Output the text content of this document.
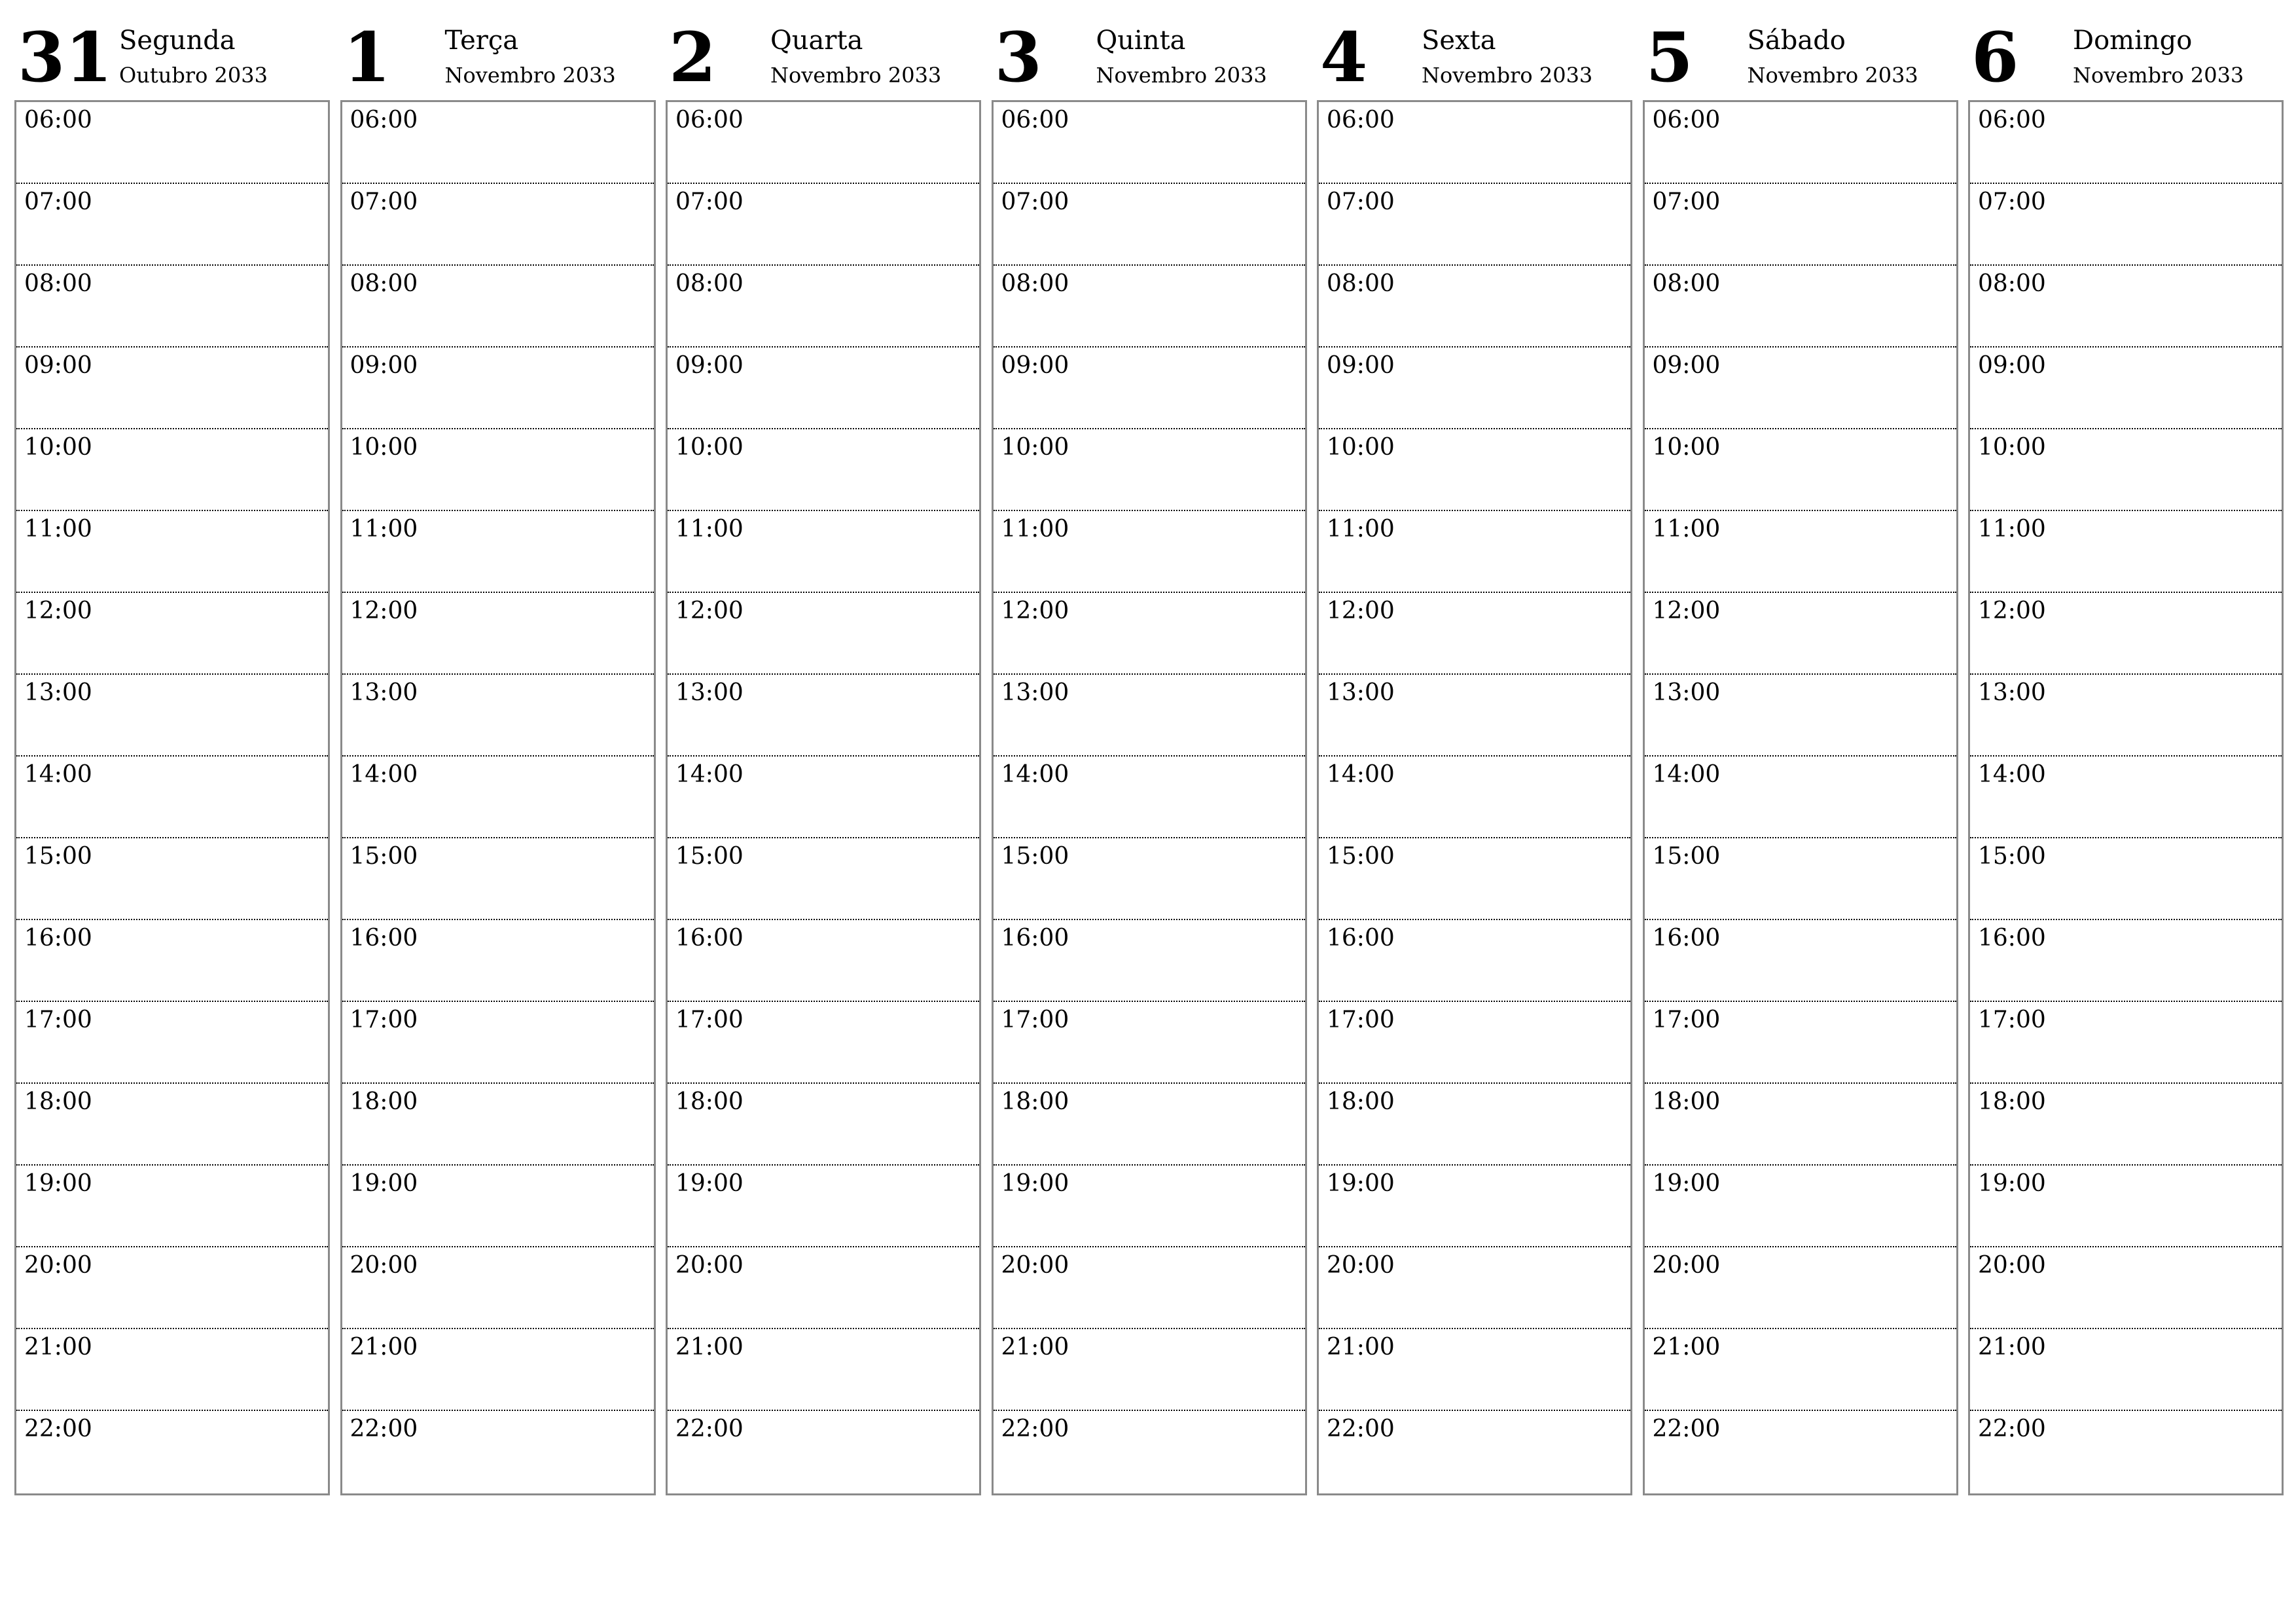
31 Segunda
Outubro 2033
06:00
07:00
08:00
09:00
10:00
11:00
12:00
13:00
14:00
15:00
16:00
17:00
18:00
19:00
20:00
21:00
22:00
1 Terça
Novembro 2033
06:00
07:00
08:00
09:00
10:00
11:00
12:00
13:00
14:00
15:00
16:00
17:00
18:00
19:00
20:00
21:00
22:00
2 Quarta
Novembro 2033
06:00
07:00
08:00
09:00
10:00
11:00
12:00
13:00
14:00
15:00
16:00
17:00
18:00
19:00
20:00
21:00
22:00
3 Quinta
Novembro 2033
06:00
07:00
08:00
09:00
10:00
11:00
12:00
13:00
14:00
15:00
16:00
17:00
18:00
19:00
20:00
21:00
22:00
4 Sexta
Novembro 2033
06:00
07:00
08:00
09:00
10:00
11:00
12:00
13:00
14:00
15:00
16:00
17:00
18:00
19:00
20:00
21:00
22:00
5 Sábado
Novembro 2033
06:00
07:00
08:00
09:00
10:00
11:00
12:00
13:00
14:00
15:00
16:00
17:00
18:00
19:00
20:00
21:00
22:00
6 Domingo
Novembro 2033
06:00
07:00
08:00
09:00
10:00
11:00
12:00
13:00
14:00
15:00
16:00
17:00
18:00
19:00
20:00
21:00
22:00
